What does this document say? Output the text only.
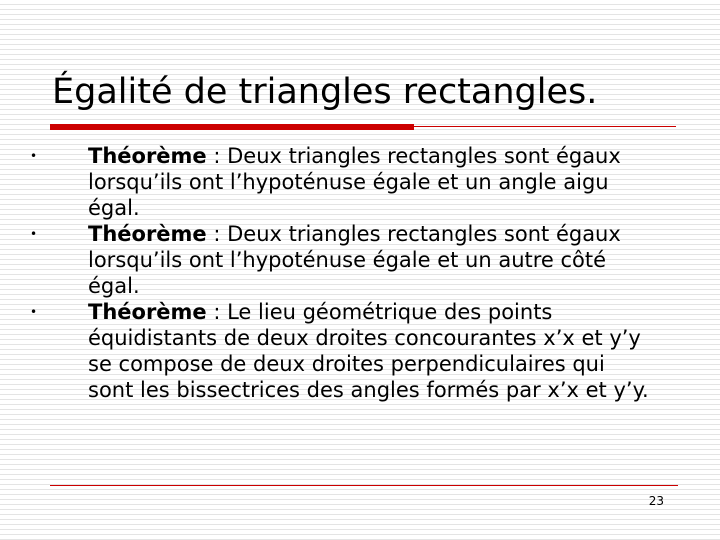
Égalité de triangles rectangles.
•	Théorème : Deux triangles rectangles sont égaux lorsqu’ils ont l’hypoténuse égale et un angle aigu égal.
•	Théorème : Deux triangles rectangles sont égaux lorsqu’ils ont l’hypoténuse égale et un autre côté égal.
•	Théorème : Le lieu géométrique des points équidistants de deux droites concourantes x’x et y’y se compose de deux droites perpendiculaires qui sont les bissectrices des angles formés par x’x et y’y.
23
